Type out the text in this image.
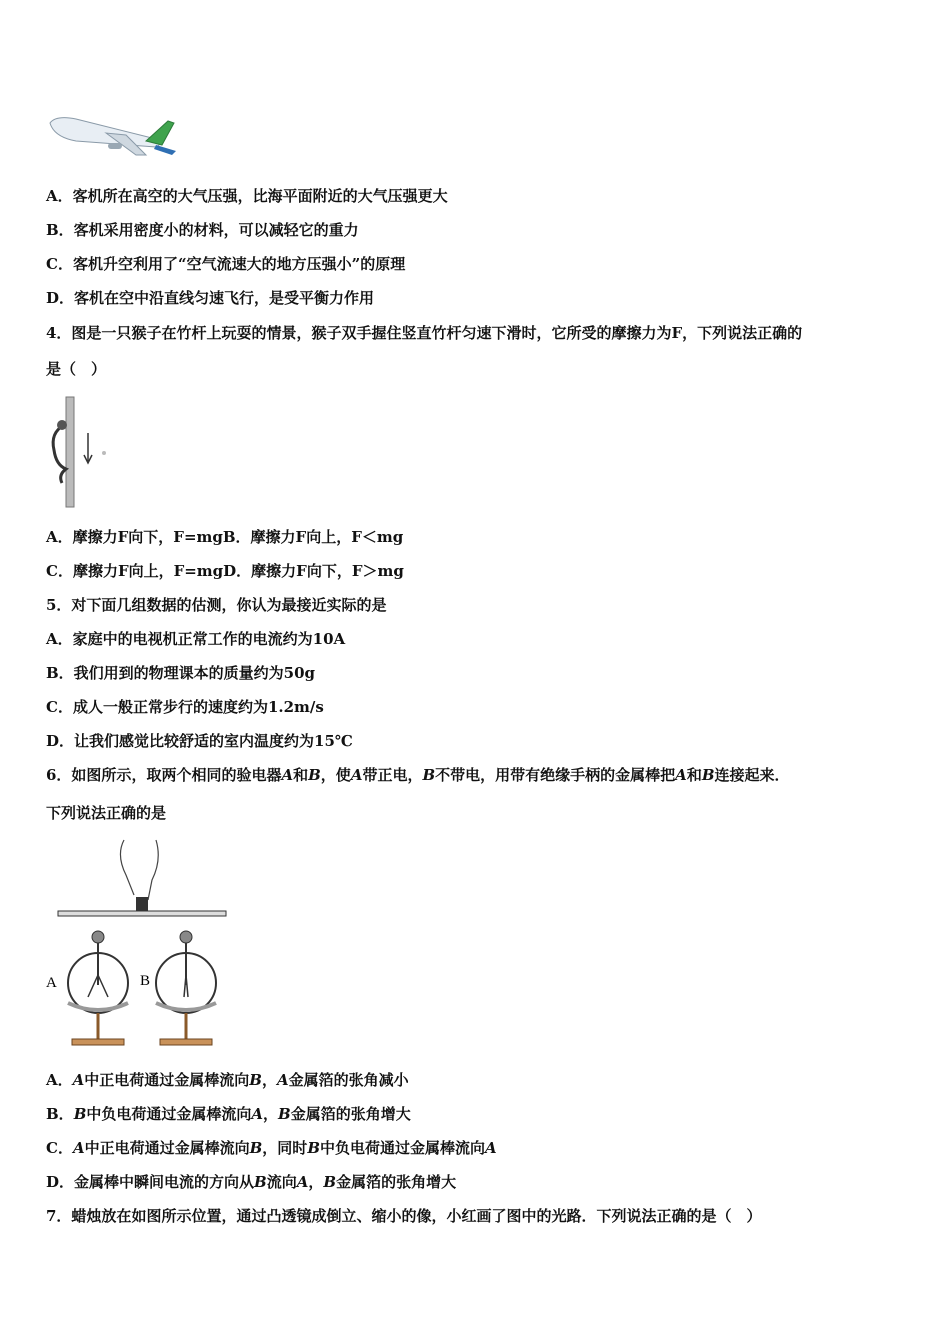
A．客机所在高空的大气压强，比海平面附近的大气压强更大
B．客机采用密度小的材料，可以减轻它的重力
C．客机升空利用了“空气流速大的地方压强小”的原理
D．客机在空中沿直线匀速飞行，是受平衡力作用
4．图是一只猴子在竹杆上玩耍的情景，猴子双手握住竖直竹杆匀速下滑时，它所受的摩擦力为F，下列说法正确的
是（　）
A．摩擦力F向下，F=mgB．摩擦力F向上，F＜mg
C．摩擦力F向上，F=mgD．摩擦力F向下，F＞mg
5．对下面几组数据的估测，你认为最接近实际的是
A．家庭中的电视机正常工作的电流约为10A
B．我们用到的物理课本的质量约为50g
C．成人一般正常步行的速度约为1.2m/s
D．让我们感觉比较舒适的室内温度约为15℃
6．如图所示，取两个相同的验电器A和B，使A带正电，B不带电，用带有绝缘手柄的金属棒把A和B连接起来．
下列说法正确的是
A	B
A．A中正电荷通过金属棒流向B，A金属箔的张角减小
B．B中负电荷通过金属棒流向A，B金属箔的张角增大
C．A中正电荷通过金属棒流向B，同时B中负电荷通过金属棒流向A
D．金属棒中瞬间电流的方向从B流向A，B金属箔的张角增大
7．蜡烛放在如图所示位置，通过凸透镜成倒立、缩小的像，小红画了图中的光路．下列说法正确的是（　）
